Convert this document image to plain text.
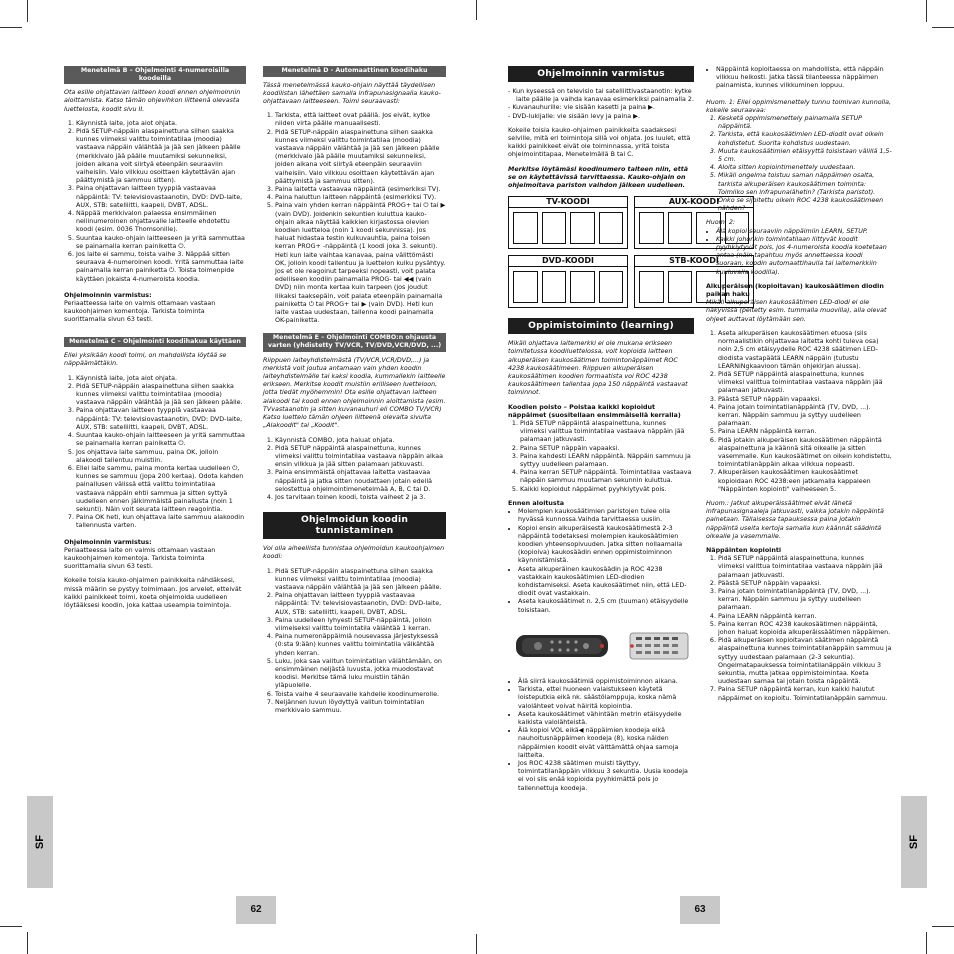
SF	SF
62	63
Menetelmä B – Ohjelmointi 4-numeroisilla koodeilla

Ota esille ohjattavan laitteen koodi ennen ohjelmoinnin aloittamista. Katso tämän ohjevihkon liitteenä olevasta luettelosta, koodit sivu II.

1. Käynnistä laite, jota aiot ohjata.
2. Pidä SETUP-näppäin alaspainettuna siihen saakka kunnes viimeksi valittu toimintatilaa (moodia) vastaava näppäin välähtää ja jää sen jälkeen päälle (merkkivalo jää päälle muutamiksi sekunneiksi, joiden aikana voit siirtyä eteenpäin seuraaviin vaiheisiin. Valo vilkkuu osoittaen käytettävän ajan päättymistä ja sammuu sitten).
3. Paina ohjattavan laitteen tyyppiä vastaavaa näppäintä: TV: televisiovastaanotin, DVD: DVD-laite, AUX, STB: satelliitti, kaapeli, DVBT, ADSL.
4. Näppää merkkivalon palaessa ensimmäinen neliinumeroinen ohjattavalle laitteelle ehdotettu koodi (esim. 0036 Thomsonille).
5. Suuntaa kauko-ohjain laitteeseen ja yritä sammuttaa se painamalla kerran painiketta ⏻.
6. Jos laite ei sammu, toista vaihe 3. Näppää sitten seuraava 4-numeroinen koodi. Yritä sammuttaa laite painamalla kerran painiketta ⏻. Toista toimenpide käyttäen jokaista 4-numeroista koodia.

Ohjelmoinnin varmistus:

Periaatteessa laite on valmis ottamaan vastaan kaukoohjaimen komentoja. Tarkista toiminta suorittamalla sivun 63 testi.

Menetelmä C – Ohjelmointi koodihakua käyttäen

Ellei yksikään koodi toimi, on mahdollista löytää se näppäämättäkin.

1. Käynnistä laite, jota aiot ohjata.
2. Pidä SETUP-näppäin alaspainettuna siihen saakka kunnes viimeksi valittu toimintatilaa (moodia) vastaava näppäin välähtää ja jää sen jälkeen päälle.
3. Paina ohjattavan laitteen tyyppiä vastaavaa näppäintä: TV: televisiovastaanotin, DVD: DVD-laite, AUX, STB: satelliitti, kaapeli, DVBT, ADSL.
4. Suuntaa kauko-ohjain laitteeseen ja yritä sammuttaa se painamalla kerran painiketta ⏻.
5. Jos ohjattava laite sammuu, paina OK, jolloin alakoodi tallentuu muistiin.
6. Ellei laite sammu, paina monta kertaa uudelleen ⏻, kunnes se sammuu (jopa 200 kertaa). Odota kahden painallusen välissä että valittu toimintatilaa vastaava näppäin ehtii sammua ja sitten syttyä uudelleen ennen jälkimmäistä painallusta (noin 1 sekunti). Näin voit seurata laitteen reagointia.
7. Paina OK heti, kun ohjattava laite sammuu alakoodin tallennusta varten.

Ohjelmoinnin varmistus:

Periaatteessa laite on valmis ottamaan vastaan kaukoohjaimen komentoja. Tarkista toiminta suorittamalla sivun 63 testi.

Kokeile toisia kauko-ohjaimen painikkeita nähdäksesi, missä määrin se pystyy toimimaan. Jos arvelet, etteivät kaikki painikkeet toimi, koeta ohjelmoida uudelleen löytääksesi koodin, joka kattaa useampia toimintoja.

Menetelmä D - Automaattinen koodihaku

Tässä menetelmässä kauko-ohjain näyttää täydellisen koodilistan lähettäen samalla infrapunasignaalia kauko-ohjattavaan laitteeseen. Toimi seuraavasti:

1. Tarkista, että laitteet ovat päällä. Jos eivät, kytke niiden virta päälle manuaalisesti.
2. Pidä SETUP-näppäin alaspainettuna siihen saakka kunnes viimeksi valittu toimintatilaa (moodia) vastaava näppäin välähtää ja jää sen jälkeen päälle (merkkivalo jää päälle muutamiksi sekunneiksi, joiden aikana voit siirtyä eteenpäin seuraaviin vaiheisiin. Valo vilkkuu osoittaen käytettävän ajan päättymistä ja sammuu sitten).
3. Paina laitetta vastaavaa näppäintä (esimerkiksi TV).
4. Paina haluttun laitteen näppäintä (esimerkiksi TV).
5. Paina vain yhden kerran näppäintä PROG+ tai ⏻ tai ▶ (vain DVD). Joidenkin sekuntien kuluttua kauko-ohjain alkaa näyttää kaikkien kirjastossa olevien koodien luetteloa (noin 1 koodi sekunnissa). Jos haluat hidastaa testin kulkuvauhtia, paina toisen kerran PROG+ -näppäintä (1 koodi joka 3. sekunti). Heti kun laite vaihtaa kanavaa, paina välittömästi OK, jolloin koodi tallentuu ja luettelon kulku pysähtyy. Jos et ole reagoinut tarpeeksi nopeasti, voit palata edelliseen koodiin painamalla PROG- tai ◀◀ (vain DVD) niin monta kertaa kuin tarpeen (jos joudut liikaksi taaksepäin, voit palata eteenpäin painamalla painiketta ⏻ tai PROG+ tai ▶ (vain DVD). Heti kun laite vastaa uudestaan, tallenna koodi painamalla OK-painiketta.
Menetelmä E – Ohjelmointi COMBO:n ohjausta varten (yhdistetty TV/VCR, TV/DVD,VCR/DVD, ...)

Riippuen laiteyhdistelmästä (TV/VCR,VCR/DVD,...) ja merkistä voit joutua antamaan vain yhden koodin laiteyhdistelmälle tai kaksi koodia, kummallekin laitteelle erikseen. Merkitse koodit muistiin erilliseen luetteloon, jotta tiedät myöhemmin! Ota esille ohjattavan laitteen alakoodi tai koodi ennen ohjelmoinnin aloittamista (esim. TVvastaanotin ja sitten kuvanauhuri eli COMBO TV/VCR) Katso luettelo tämän ohjeen liitteenä olevalta sivulta „Alakoodit" tai „Koodit".

1. Käynnistä COMBO, jota haluat ohjata.
2. Pidä SETUP näppäintä alaspainettuna, kunnes viimeksi valittu toimintatilaa vastaava näppäin alkaa ensin vilkkua ja jää sitten palamaan jatkuvasti.
3. Paina ensimmäistä ohjattavaa laitetta vastaavaa näppäintä ja jatka sitten noudattaen jotain edellä selostettua ohjelmointimenetelmää A, B, C tai D.
4. Jos tarvitaan toinen koodi, toista vaiheet 2 ja 3.
Ohjelmoidun koodin tunnistaminen

Voi olla aiheellista tunnistaa ohjelmoidun kaukoohjaimen koodi:

1. Pidä SETUP-näppäin alaspainettuna siihen saakka kunnes viimeksi valittu toimintatilaa (moodia) vastaava näppäin välähtää ja jää sen jälkeen päälle.
2. Paina ohjattavan laitteen tyyppiä vastaavaa näppäintä: TV: televisiovastaanotin, DVD: DVD-laite, AUX, STB: satelliitti, kaapeli, DVBT, ADSL.
3. Paina uudelleen lyhyesti SETUP-näppäintä, jolloin viimeiseksi valittu toimintatila välähtää 1 kerran.
4. Paina numeronäppäimiä nousevassa järjestyksessä (0:sta 9:ään) kunnes valittu toimintatila välkähtää yhden kerran.
5. Luku, joka saa valitun toimintatilan välähtämään, on ensimmäinen neljästä luvusta, jotka muodostavat koodisi. Merkitse tämä luku muistiin tähän yläpuolelle.
6. Toista vaihe 4 seuraavalle kahdelle koodinumerolle.
7. Neljännen luvun löydyttyä valitun toimintatilan merkkivalo sammuu.
Ohjelmoinnin varmistus
- Kun kyseessä on televisio tai satelliittivastaanotin: kytke laite päälle ja vaihda kanavaa esimerkiksi painamalla 2.
- Kuvanauhurille: vie sisään kasetti ja paina ▶.
- DVD-lukijalle: vie sisään levy ja paina ▶.

Kokeile toisia kauko-ohjaimen painikkeita saadaksesi selville, mitä eri toimintoja sillä voi ohjata. Jos luulet, että kaikki painikkeet eivät ole toiminnassa, yritä toista ohjelmointitapaa, Menetelmällä B tai C.

Merkitse löytämäsi koodinumero talteen niin, että se on käytettävissä tarvittaessa. Kauko-ohjain on ohjelmoitava pariston vaihdon jälkeen uudelleen.

TV-KOODI	AUX-KOODI
DVD-KOODI	STB-KOODI
Oppimistoiminto (learning)

Mikäli ohjattava laitemerkki ei ole mukana erikseen toimitetussa koodiluettelossa, voit kopioida laitteen alkuperäisen kaukosäätimen toimintonäppäimet ROC 4238 kaukosäätimeen. Riippuen alkuperäisen kaukosäätimen koodien formaatista voi ROC 4238 kaukosäätimeen tallentaa jopa 150 näppäintä vastaavat toiminnot.

Koodien poisto – Poistaa kaikki kopioidut näppäimet (suositellaan ensimmäisellä kerralla)

1. Pidä SETUP näppäintä alaspainettuna, kunnes viimeksi valittua toimintatilaa vastaava näppäin jää palamaan jatkuvasti.
2. Paina SETUP näppäin vapaaksi.
3. Paina kahdesti LEARN näppäintä. Näppäin sammuu ja syttyy uudelleen palamaan.
4. Paina kerran SETUP näppäintä. Toimintatilaa vastaava näppäin sammuu muutaman sekunnin kuluttua.
5. Kaikki kopioidut näppäimet pyyhkiytyvät pois.

Ennen aloitusta

• Molempien kaukosäätimien paristojen tulee olla hyvässä kunnossa.Vaihda tarvittaessa uusiin.
• Kopioi ensin alkuperäisestä kaukosäätimestä 2-3 näppäintä todetaksesi molempien kaukosäätimien koodien yhteensopivuuden. Jatka sitten nollaamalla (kopioiva) kaukosäädin ennen oppimistoiminnon käynnistämistä.
• Aseta alkuperäinen kaukosäädin ja ROC 4238 vastakkain kaukosäätimien LED-diodien kohdistamiseksi. Aseta kaukosäätimet niin, että LED-diodit ovat vastakkain.
• Aseta kaukosäätimet n. 2,5 cm (tuuman) etäisyydelle toisistaan.
• Älä siirrä kaukosäätimiä oppimistoiminnon aikana.
• Tarkista, ettei huoneen valaistukseen käytetä loisteputkia eikä nk. säästölamppuja, koska nämä valolähteet voivat häiritä kopiointia.
• Aseta kaukosäätimet vähintään metrin etäisyydelle kaikista valolähteistä.
• Älä kopioi VOL eikä◀ näppäimien koodeja eikä nauhoitusnäppäimen koodeja (8), koska näiden näppäimien koodit eivät välttämättä ohjaa samoja laitteita.
• Jos ROC 4238 säätimen muisti täyttyy, toimintatilanäppäin vilkkuu 3 sekuntia. Uusia koodeja ei voi siis enää kopioida pyyhkimättä pois jo tallennettuja koodeja.
• Näppäintä kopioitaessa on mahdollista, että näppäin vilkkuu heikosti. Jatka tässä tilanteessa näppäimen painamista, kunnes vilkkuminen loppuu.

Huom. 1: Ellei oppimismenettely tunnu toimivan kunnolla, kokeile seuraavaa:

1. Kesketä oppimismenettely painamalla SETUP näppäintä.
2. Tarkista, että kaukosäätimien LED-diodit ovat oikein kohdistetut. Suorita kohdistus uudestaan.
3. Muuta kaukosäätimien etäisyyttä toisistaan välillä 1,5-5 cm.
4. Aloita sitten kopiointimenettely uudestaan.
5. Mikäli ongelma toistuu saman näppäimen osalta, tarkista alkuperäisen kaukosäätimen toiminta: Toimiiko sen infrapunalähetin? (Tarkista paristot). Onko se sijoitettu oikein ROC 4238 kaukosäätimeen nähden?

Huom. 2:

• Älä kopioi seuraaviin näppäimiin LEARN, SETUP.
• Kaikki johonkin toimintatilaan liittyvät koodit pyyhkiytyvät pois, jos 4-numeroista koodia koetetaan antaa (näin tapahtuu myös annettaessa koodi suoraan, koodin automaattihaulla tai laitemerkkiin kuuluvalla koodilla).

Alkuperäisen (kopioitavan) kaukosäätimen diodin paikan haku

Mikäli alkuperäisen kaukosäätimen LED-diodi ei ole näkyvissä (peitetty esim. tummalla muovilla), alla olevat ohjeet auttavat löytämään sen.

1. Aseta alkuperäisen kaukosäätimen etuosa (siis normaalistikin ohjattavaa laitetta kohti tuleva osa) noin 2,5 cm etäisyydelle ROC 4238 säätimen LED-diodista vastapäätä LEARN näppäin (tutustu LEARNiNgkaavioon tämän ohjekirjan alussa).
2. Pidä SETUP näppäintä alaspainettuna, kunnes viimeksi valittua toimintatilaa vastaava näppäin jää palamaan jatkuvasti.
3. Päästä SETUP näppäin vapaaksi.
4. Paina jotain toimintatilanäppäintä (TV, DVD, ...). kerran. Näppäin sammuu ja syttyy uudelleen palamaan.
5. Paina LEARN näppäintä kerran.
6. Pidä jotakin alkuperäisen kaukosäätimen näppäintä alaspainettuna ja käännä sitä oikealle ja sitten vasemmalle. Kun kaukosäätimet on oikein kohdistettu, toimintatilanäppäin alkaa vilkkua nopeasti.
7. Alkuperäisen kaukosäätimen kaukosäätimet kopioidaan ROC 4238:een jatkamalla kappaleen "Näppäinten kopiointi" vaiheeseen 5.

Huom.: Jatkut alkuperäissäätimet eivät lähetä infrapunasignaaleja jatkuvasti, vaikka jotakin näppäintä painetaan. Tällaisessa tapauksessa paina jotakin näppäintä useita kertoja samalla kun käännät säädintä oikealle ja vasemmalle.

Näppäinten kopiointi

1. Pidä SETUP näppäintä alaspainettuna, kunnes viimeksi valittua toimintatilaa vastaava näppäin jää palamaan jatkuvasti.
2. Päästä SETUP näppäin vapaaksi.
3. Paina jotain toimintatilanäppäintä (TV, DVD, ...). kerran. Näppäin sammuu ja syttyy uudelleen palamaan.
4. Paina LEARN näppäintä kerran.
5. Paina kerran ROC 4238 kaukosäätimen näppäintä, johon haluat kopioida alkuperäissäätimen näppäimen.
6. Pidä alkuperäisen kopioitavan säätimen näppäintä alaspainettuna kunnes toimintatilanäppäin sammuu ja syttyy uudestaan palamaan (2-3 sekuntia). Ongelmatapauksessa toimintatilanäppäin vilkkuu 3 sekuntia, mutta jatkaa oppimistoimintaa. Koeta uudestaan samaa tai jotain toista näppäintä.
7. Paina SETUP näppäintä kerran, kun kaikki halutut näppäimet on kopioitu. Toimintatilanäppäin sammuu.
